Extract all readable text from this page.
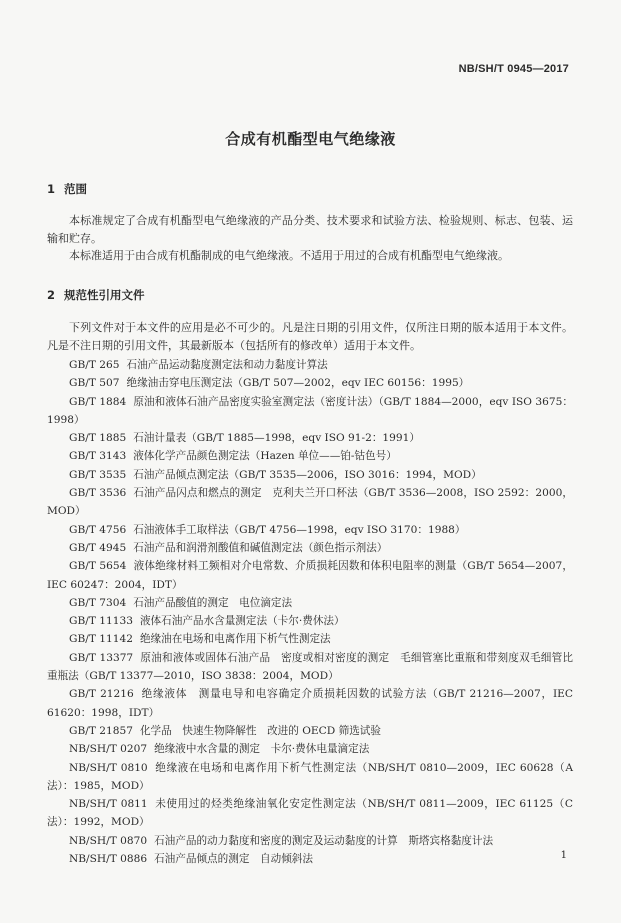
NB/SH/T 0945—2017
合成有机酯型电气绝缘液
1 范围
本标准规定了合成有机酯型电气绝缘液的产品分类、技术要求和试验方法、检验规则、标志、包装、运输和贮存。
本标准适用于由合成有机酯制成的电气绝缘液。不适用于用过的合成有机酯型电气绝缘液。
2 规范性引用文件
下列文件对于本文件的应用是必不可少的。凡是注日期的引用文件，仅所注日期的版本适用于本文件。凡是不注日期的引用文件，其最新版本（包括所有的修改单）适用于本文件。
GB/T 265 石油产品运动黏度测定法和动力黏度计算法
GB/T 507 绝缘油击穿电压测定法（GB/T 507—2002，eqv IEC 60156：1995）
GB/T 1884 原油和液体石油产品密度实验室测定法（密度计法）（GB/T 1884—2000，eqv ISO 3675：1998）
GB/T 1885 石油计量表（GB/T 1885—1998，eqv ISO 91-2：1991）
GB/T 3143 液体化学产品颜色测定法（Hazen 单位——铂-钴色号）
GB/T 3535 石油产品倾点测定法（GB/T 3535—2006，ISO 3016：1994，MOD）
GB/T 3536 石油产品闪点和燃点的测定　克利夫兰开口杯法（GB/T 3536—2008，ISO 2592：2000，MOD）
GB/T 4756 石油液体手工取样法（GB/T 4756—1998，eqv ISO 3170：1988）
GB/T 4945 石油产品和润滑剂酸值和碱值测定法（颜色指示剂法）
GB/T 5654 液体绝缘材料工频相对介电常数、介质损耗因数和体积电阻率的测量（GB/T 5654—2007，IEC 60247：2004，IDT）
GB/T 7304 石油产品酸值的测定　电位滴定法
GB/T 11133 液体石油产品水含量测定法（卡尔·费休法）
GB/T 11142 绝缘油在电场和电离作用下析气性测定法
GB/T 13377 原油和液体或固体石油产品　密度或相对密度的测定　毛细管塞比重瓶和带刻度双毛细管比重瓶法（GB/T 13377—2010，ISO 3838：2004，MOD）
GB/T 21216 绝缘液体　测量电导和电容确定介质损耗因数的试验方法（GB/T 21216—2007，IEC 61620：1998，IDT）
GB/T 21857 化学品　快速生物降解性　改进的 OECD 筛选试验
NB/SH/T 0207 绝缘液中水含量的测定　卡尔·费休电量滴定法
NB/SH/T 0810 绝缘液在电场和电离作用下析气性测定法（NB/SH/T 0810—2009，IEC 60628（A法）：1985，MOD）
NB/SH/T 0811 未使用过的烃类绝缘油氧化安定性测定法（NB/SH/T 0811—2009，IEC 61125（C法）：1992，MOD）
NB/SH/T 0870 石油产品的动力黏度和密度的测定及运动黏度的计算　斯塔宾格黏度计法
NB/SH/T 0886 石油产品倾点的测定　自动倾斜法	1
